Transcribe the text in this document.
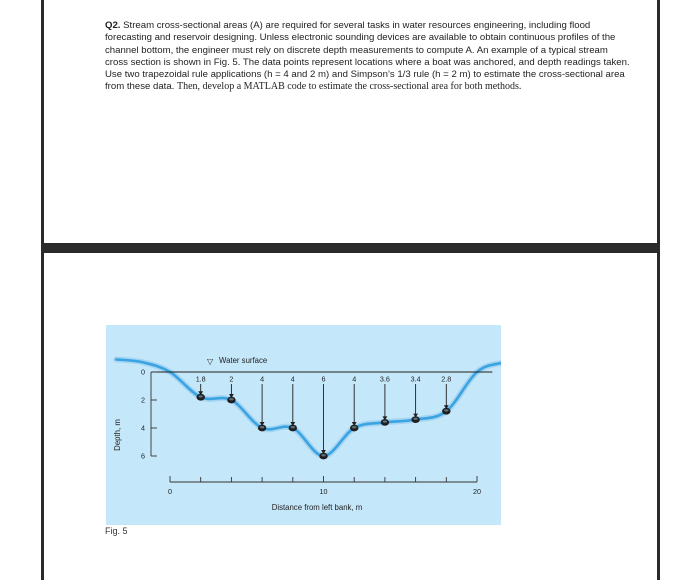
Q2. Stream cross-sectional areas (A) are required for several tasks in water resources engineering, including flood forecasting and reservoir designing. Unless electronic sounding devices are available to obtain continuous profiles of the channel bottom, the engineer must rely on discrete depth measurements to compute A. An example of a typical stream cross section is shown in Fig. 5. The data points represent locations where a boat was anchored, and depth readings taken. Use two trapezoidal rule applications (h = 4 and 2 m) and Simpson’s 1/3 rule (h = 2 m) to estimate the cross-sectional area from these data. Then, develop a MATLAB code to estimate the cross-sectional area for both methods.
▽ Water surface
1.8	2	4	4	6	4	3.6	3.4	2.8
0
2
4
6
0	10	20
Distance from left bank, m
Depth, m
Fig. 5
